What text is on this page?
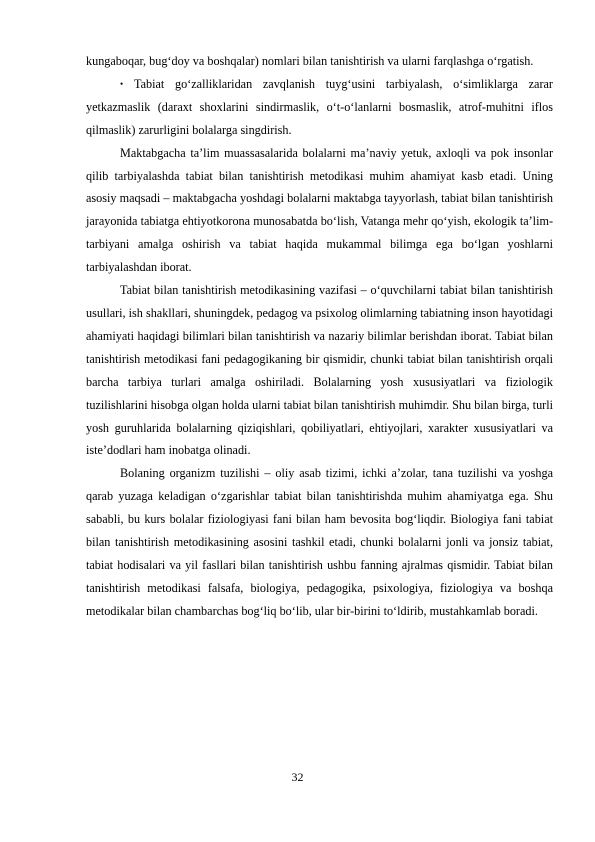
kungaboqar, bug‘doy va boshqalar) nomlari bilan tanishtirish va ularni farqlashga o‘rgatish.

• Tabiat go‘zalliklaridan zavqlanish tuyg‘usini tarbiyalash, o‘simliklarga zarar yetkazmaslik (daraxt shoxlarini sindirmaslik, o‘t-o‘lanlarni bosmaslik, atrof-muhitni iflos qilmaslik) zarurligini bolalarga singdirish.

Maktabgacha ta’lim muassasalarida bolalarni ma’naviy yetuk, axloqli va pok insonlar qilib tarbiyalashda tabiat bilan tanishtirish metodikasi muhim ahamiyat kasb etadi. Uning asosiy maqsadi – maktabgacha yoshdagi bolalarni maktabga tayyorlash, tabiat bilan tanishtirish jarayonida tabiatga ehtiyotkorona munosabatda bo‘lish, Vatanga mehr qo‘yish, ekologik ta’lim-tarbiyani amalga oshirish va tabiat haqida mukammal bilimga ega bo‘lgan yoshlarni tarbiyalashdan iborat.

Tabiat bilan tanishtirish metodikasining vazifasi – o‘quvchilarni tabiat bilan tanishtirish usullari, ish shakllari, shuningdek, pedagog va psixolog olimlarning tabiatning inson hayotidagi ahamiyati haqidagi bilimlari bilan tanishtirish va nazariy bilimlar berishdan iborat. Tabiat bilan tanishtirish metodikasi fani pedagogikaning bir qismidir, chunki tabiat bilan tanishtirish orqali barcha tarbiya turlari amalga oshiriladi. Bolalarning yosh xususiyatlari va fiziologik tuzilishlarini hisobga olgan holda ularni tabiat bilan tanishtirish muhimdir. Shu bilan birga, turli yosh guruhlarida bolalarning qiziqishlari, qobiliyatlari, ehtiyojlari, xarakter xususiyatlari va iste’dodlari ham inobatga olinadi.

Bolaning organizm tuzilishi – oliy asab tizimi, ichki a’zolar, tana tuzilishi va yoshga qarab yuzaga keladigan o‘zgarishlar tabiat bilan tanishtirishda muhim ahamiyatga ega. Shu sababli, bu kurs bolalar fiziologiyasi fani bilan ham bevosita bog‘liqdir. Biologiya fani tabiat bilan tanishtirish metodikasining asosini tashkil etadi, chunki bolalarni jonli va jonsiz tabiat, tabiat hodisalari va yil fasllari bilan tanishtirish ushbu fanning ajralmas qismidir. Tabiat bilan tanishtirish metodikasi falsafa, biologiya, pedagogika, psixologiya, fiziologiya va boshqa metodikalar bilan chambarchas bog‘liq bo‘lib, ular bir-birini to‘ldirib, mustahkamlab boradi.

32
